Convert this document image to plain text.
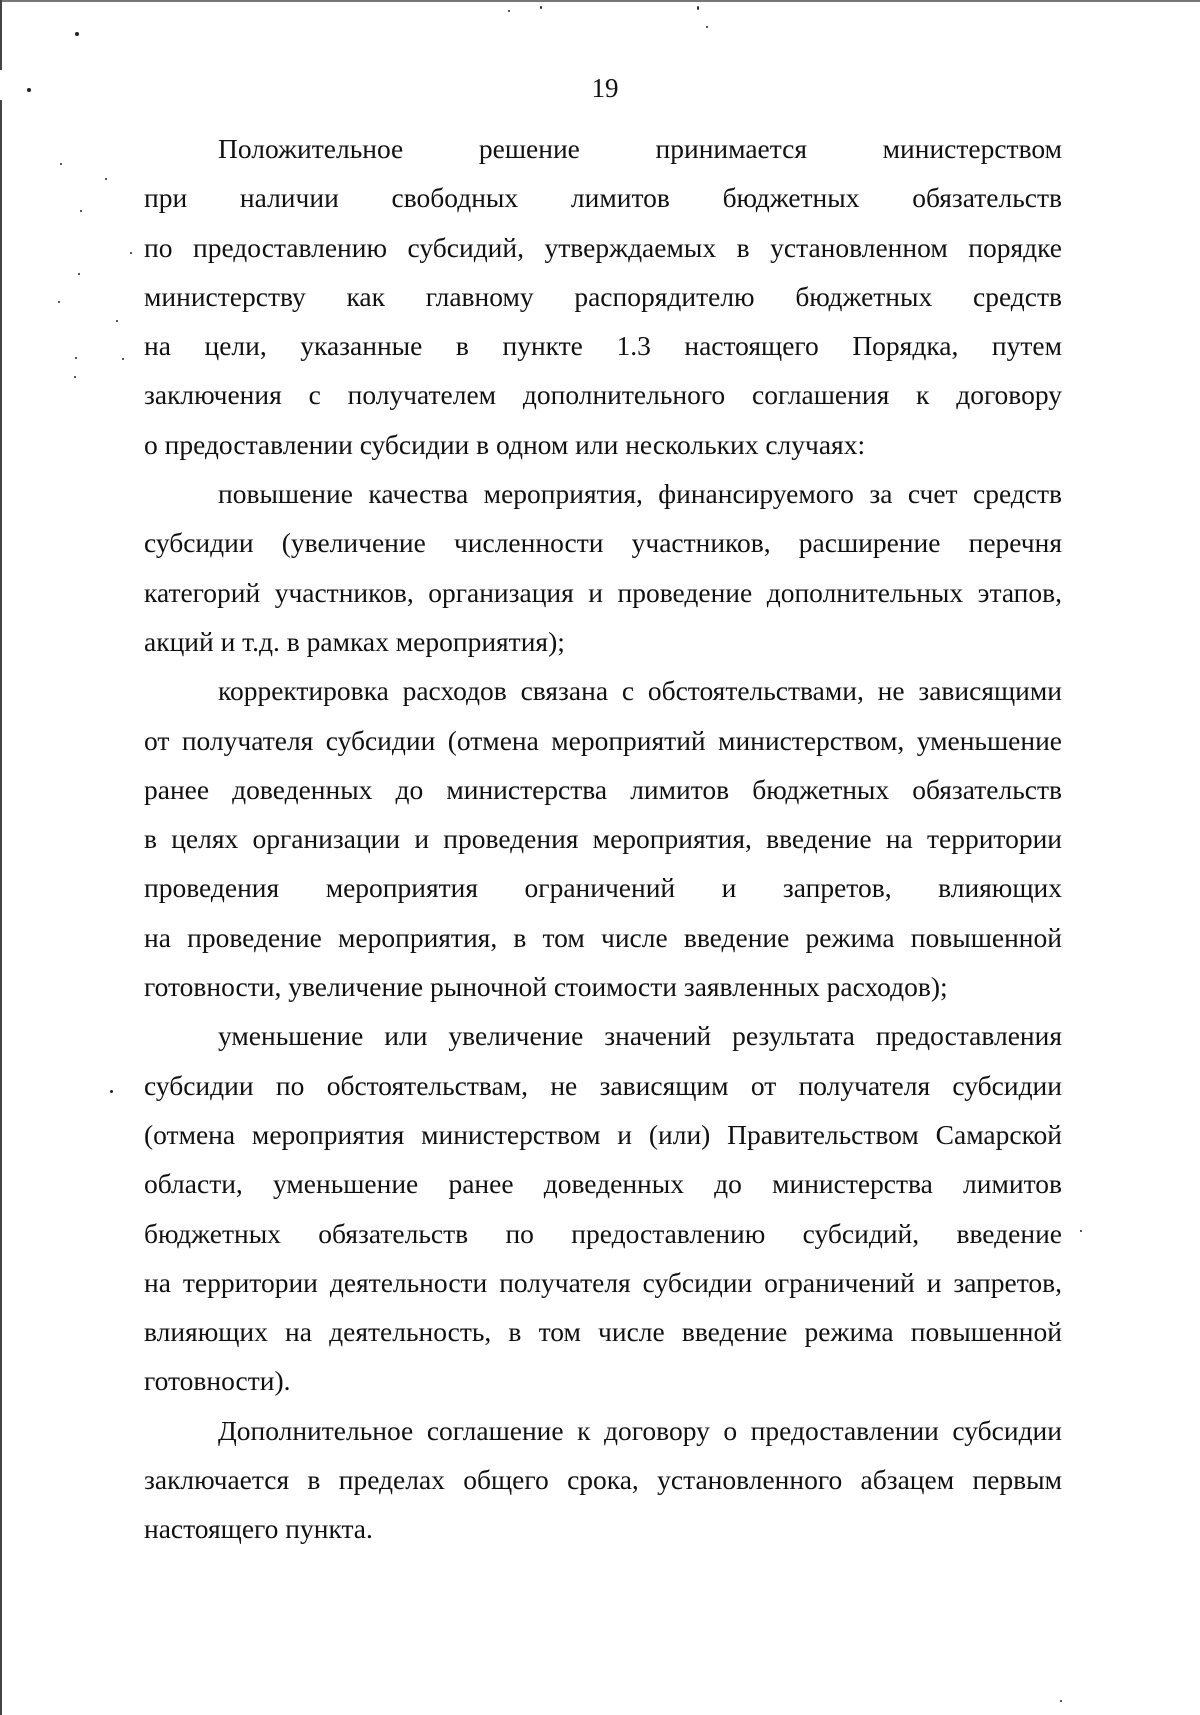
19
Положительное решение принимается министерством
при наличии свободных лимитов бюджетных обязательств
по предоставлению субсидий, утверждаемых в установленном порядке
министерству как главному распорядителю бюджетных средств
на цели, указанные в пункте 1.3 настоящего Порядка, путем
заключения с получателем дополнительного соглашения к договору
о предоставлении субсидии в одном или нескольких случаях:
повышение качества мероприятия, финансируемого за счет средств
субсидии (увеличение численности участников, расширение перечня
категорий участников, организация и проведение дополнительных этапов,
акций и т.д. в рамках мероприятия);
корректировка расходов связана с обстоятельствами, не зависящими
от получателя субсидии (отмена мероприятий министерством, уменьшение
ранее доведенных до министерства лимитов бюджетных обязательств
в целях организации и проведения мероприятия, введение на территории
проведения мероприятия ограничений и запретов, влияющих
на проведение мероприятия, в том числе введение режима повышенной
готовности, увеличение рыночной стоимости заявленных расходов);
уменьшение или увеличение значений результата предоставления
субсидии по обстоятельствам, не зависящим от получателя субсидии
(отмена мероприятия министерством и (или) Правительством Самарской
области, уменьшение ранее доведенных до министерства лимитов
бюджетных обязательств по предоставлению субсидий, введение
на территории деятельности получателя субсидии ограничений и запретов,
влияющих на деятельность, в том числе введение режима повышенной
готовности).
Дополнительное соглашение к договору о предоставлении субсидии
заключается в пределах общего срока, установленного абзацем первым
настоящего пункта.
